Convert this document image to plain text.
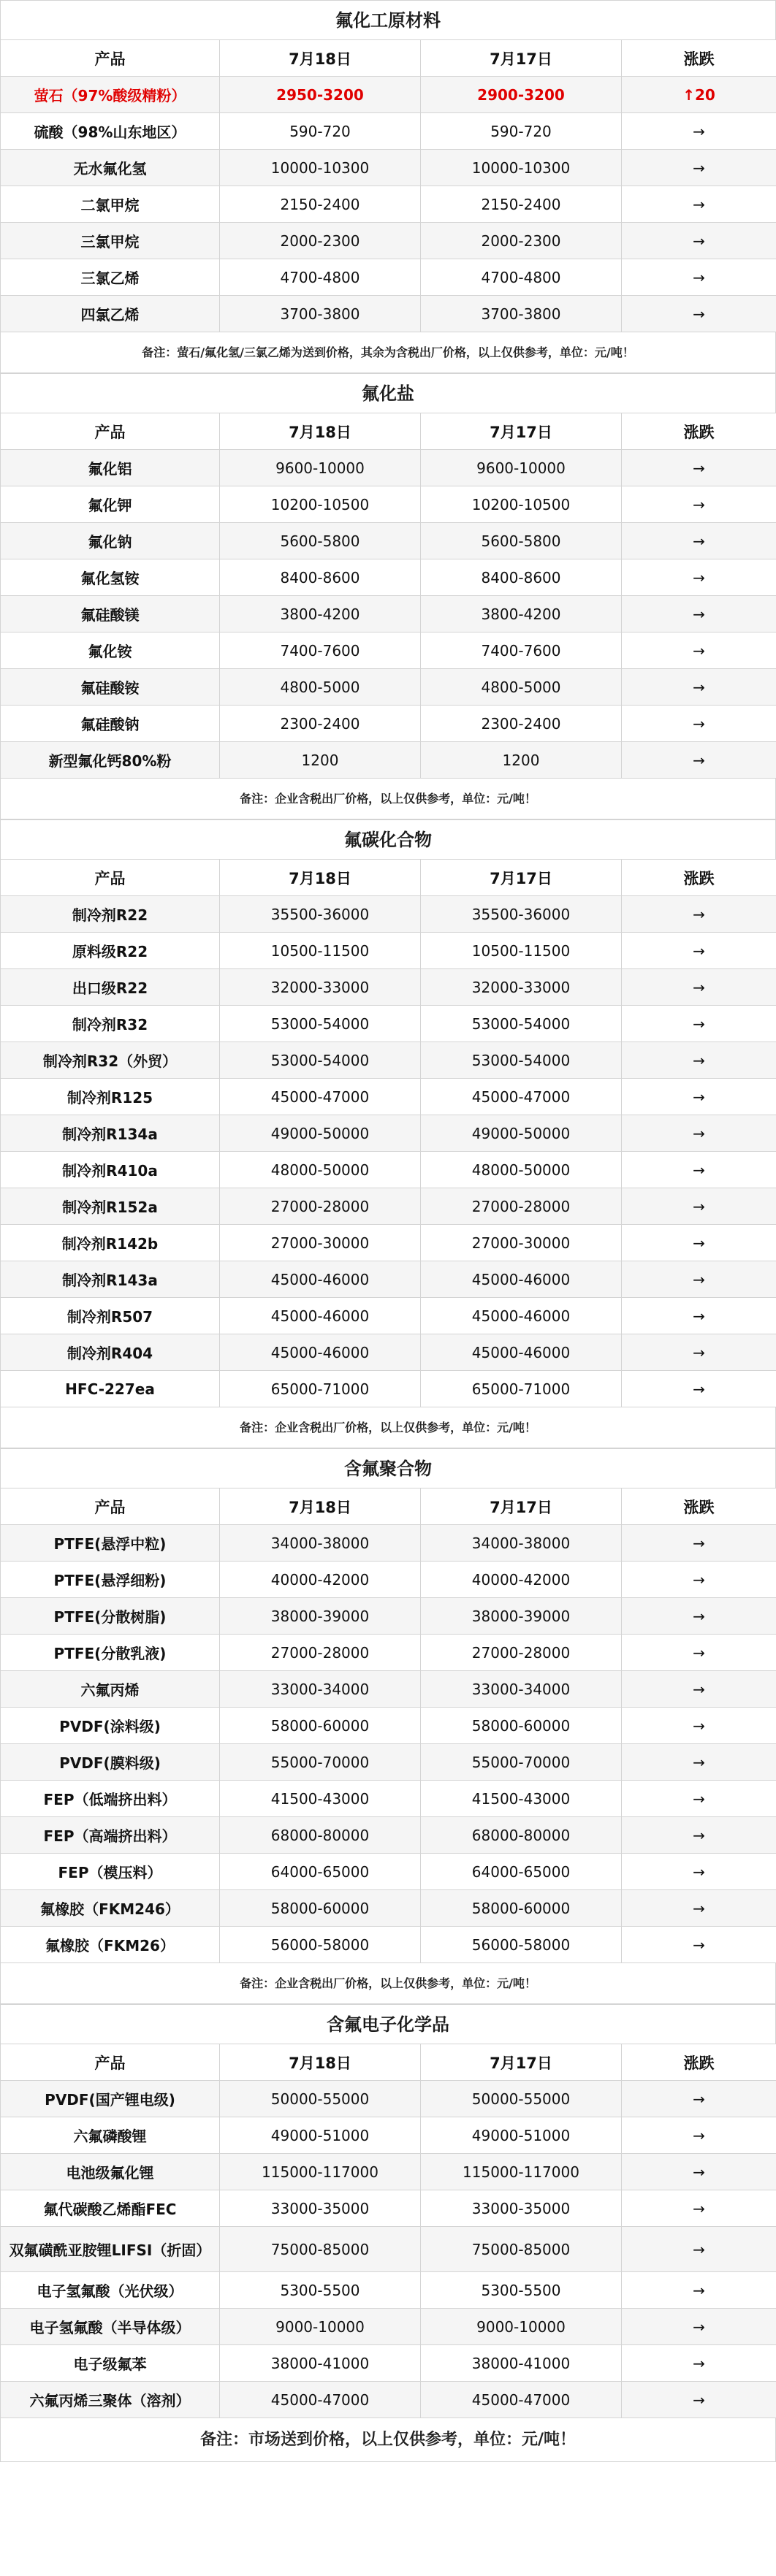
氟化工原材料
产品	7月18日	7月17日	涨跌
萤石（97%酸级精粉）	2950-3200	2900-3200	↑20
硫酸（98%山东地区）	590-720	590-720	→
无水氟化氢	10000-10300	10000-10300	→
二氯甲烷	2150-2400	2150-2400	→
三氯甲烷	2000-2300	2000-2300	→
三氯乙烯	4700-4800	4700-4800	→
四氯乙烯	3700-3800	3700-3800	→
备注：萤石/氟化氢/三氯乙烯为送到价格，其余为含税出厂价格，以上仅供参考，单位：元/吨！
氟化盐
产品	7月18日	7月17日	涨跌
氟化铝	9600-10000	9600-10000	→
氟化钾	10200-10500	10200-10500	→
氟化钠	5600-5800	5600-5800	→
氟化氢铵	8400-8600	8400-8600	→
氟硅酸镁	3800-4200	3800-4200	→
氟化铵	7400-7600	7400-7600	→
氟硅酸铵	4800-5000	4800-5000	→
氟硅酸钠	2300-2400	2300-2400	→
新型氟化钙80%粉	1200	1200	→
备注：企业含税出厂价格，以上仅供参考，单位：元/吨！
氟碳化合物
产品	7月18日	7月17日	涨跌
制冷剂R22	35500-36000	35500-36000	→
原料级R22	10500-11500	10500-11500	→
出口级R22	32000-33000	32000-33000	→
制冷剂R32	53000-54000	53000-54000	→
制冷剂R32（外贸）	53000-54000	53000-54000	→
制冷剂R125	45000-47000	45000-47000	→
制冷剂R134a	49000-50000	49000-50000	→
制冷剂R410a	48000-50000	48000-50000	→
制冷剂R152a	27000-28000	27000-28000	→
制冷剂R142b	27000-30000	27000-30000	→
制冷剂R143a	45000-46000	45000-46000	→
制冷剂R507	45000-46000	45000-46000	→
制冷剂R404	45000-46000	45000-46000	→
HFC-227ea	65000-71000	65000-71000	→
备注：企业含税出厂价格，以上仅供参考，单位：元/吨！
含氟聚合物
产品	7月18日	7月17日	涨跌
PTFE(悬浮中粒)	34000-38000	34000-38000	→
PTFE(悬浮细粉)	40000-42000	40000-42000	→
PTFE(分散树脂)	38000-39000	38000-39000	→
PTFE(分散乳液)	27000-28000	27000-28000	→
六氟丙烯	33000-34000	33000-34000	→
PVDF(涂料级)	58000-60000	58000-60000	→
PVDF(膜料级)	55000-70000	55000-70000	→
FEP（低端挤出料）	41500-43000	41500-43000	→
FEP（高端挤出料）	68000-80000	68000-80000	→
FEP（模压料）	64000-65000	64000-65000	→
氟橡胶（FKM246）	58000-60000	58000-60000	→
氟橡胶（FKM26）	56000-58000	56000-58000	→
备注：企业含税出厂价格，以上仅供参考，单位：元/吨！
含氟电子化学品
产品	7月18日	7月17日	涨跌
PVDF(国产锂电级)	50000-55000	50000-55000	→
六氟磷酸锂	49000-51000	49000-51000	→
电池级氟化锂	115000-117000	115000-117000	→
氟代碳酸乙烯酯FEC	33000-35000	33000-35000	→
双氟磺酰亚胺锂LIFSI（折固）	75000-85000	75000-85000	→
电子氢氟酸（光伏级）	5300-5500	5300-5500	→
电子氢氟酸（半导体级）	9000-10000	9000-10000	→
电子级氟苯	38000-41000	38000-41000	→
六氟丙烯三聚体（溶剂）	45000-47000	45000-47000	→
备注：市场送到价格，以上仅供参考，单位：元/吨！
